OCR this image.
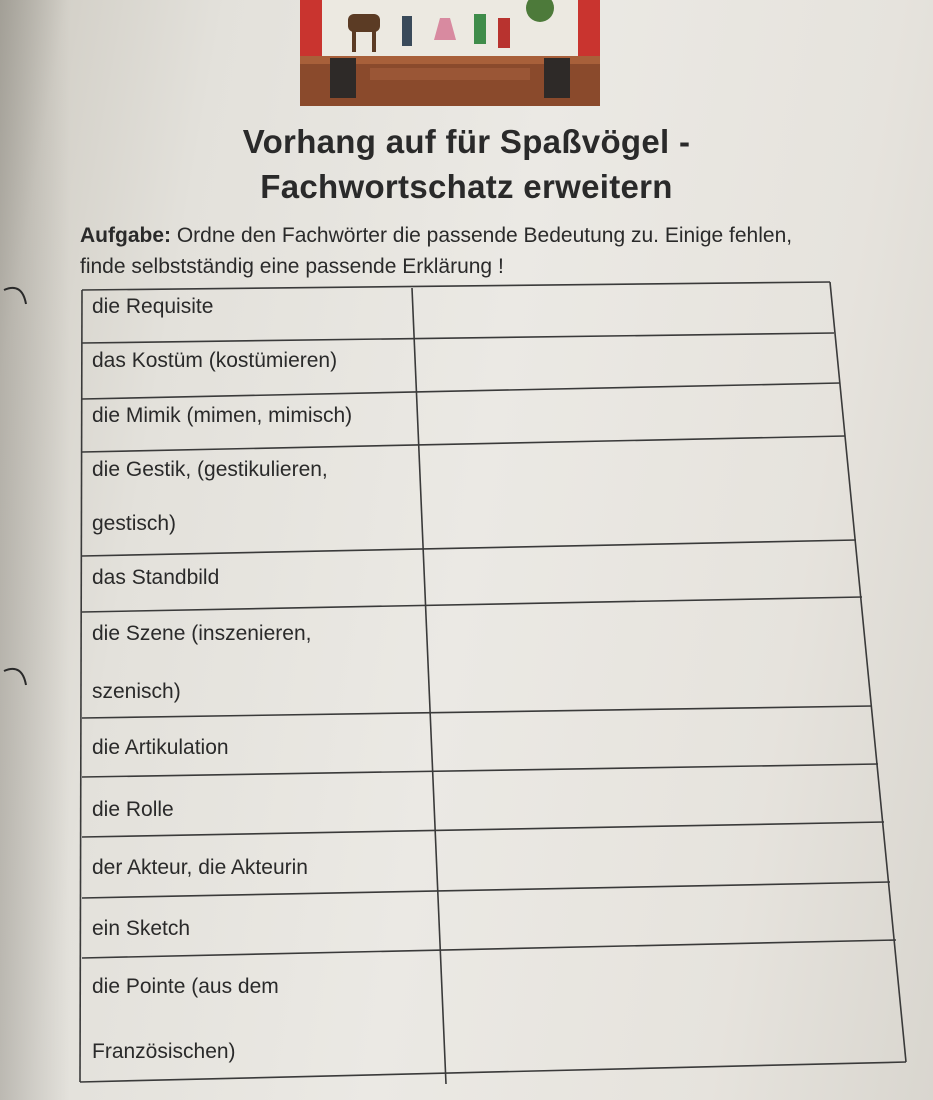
Vorhang auf für Spaßvögel -
Fachwortschatz erweitern
Aufgabe: Ordne den Fachwörter die passende Bedeutung zu. Einige fehlen, finde selbstständig eine passende Erklärung !
die Requisite
das Kostüm (kostümieren)
die Mimik (mimen, mimisch)
die Gestik, (gestikulieren,
gestisch)
das Standbild
die Szene (inszenieren,
szenisch)
die Artikulation
die Rolle
der Akteur, die Akteurin
ein Sketch
die Pointe (aus dem
Französischen)
